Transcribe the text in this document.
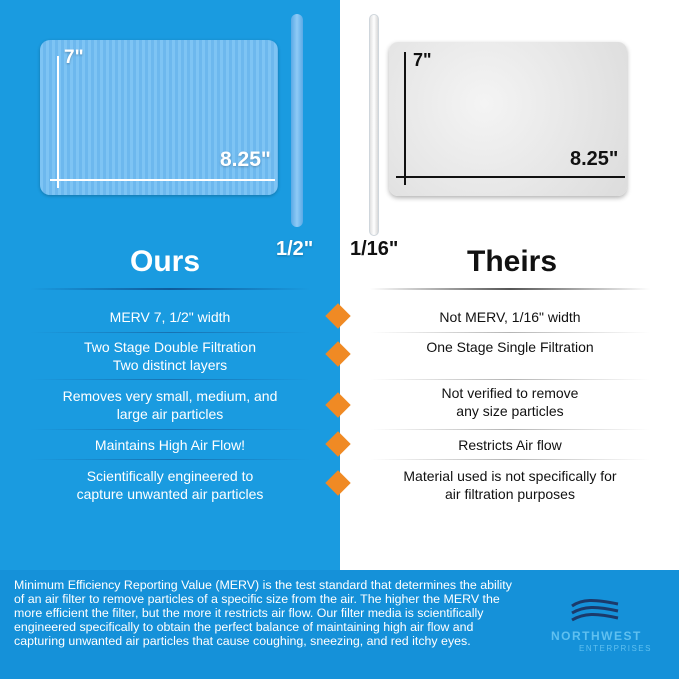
7"
8.25"
1/2"
7"
8.25"
1/16"
Ours	Theirs
MERV 7, 1/2" width
Two Stage Double Filtration
Two distinct layers
Removes very small, medium, and
large air particles
Maintains High Air Flow!
Scientifically engineered to
capture unwanted air particles
Not MERV, 1/16" width
One Stage Single Filtration
Not verified to remove
any size particles
Restricts Air flow
Material used is not specifically for
air filtration purposes
Minimum Efficiency Reporting Value (MERV) is the test standard that determines the ability of an air filter to remove particles of a specific size from the air. The higher the MERV the more efficient the filter, but the more it restricts air flow. Our filter media is scientifically engineered specifically to obtain the perfect balance of maintaining high air flow and capturing unwanted air particles that cause coughing, sneezing, and red itchy eyes.	NORTHWEST
ENTERPRISES
